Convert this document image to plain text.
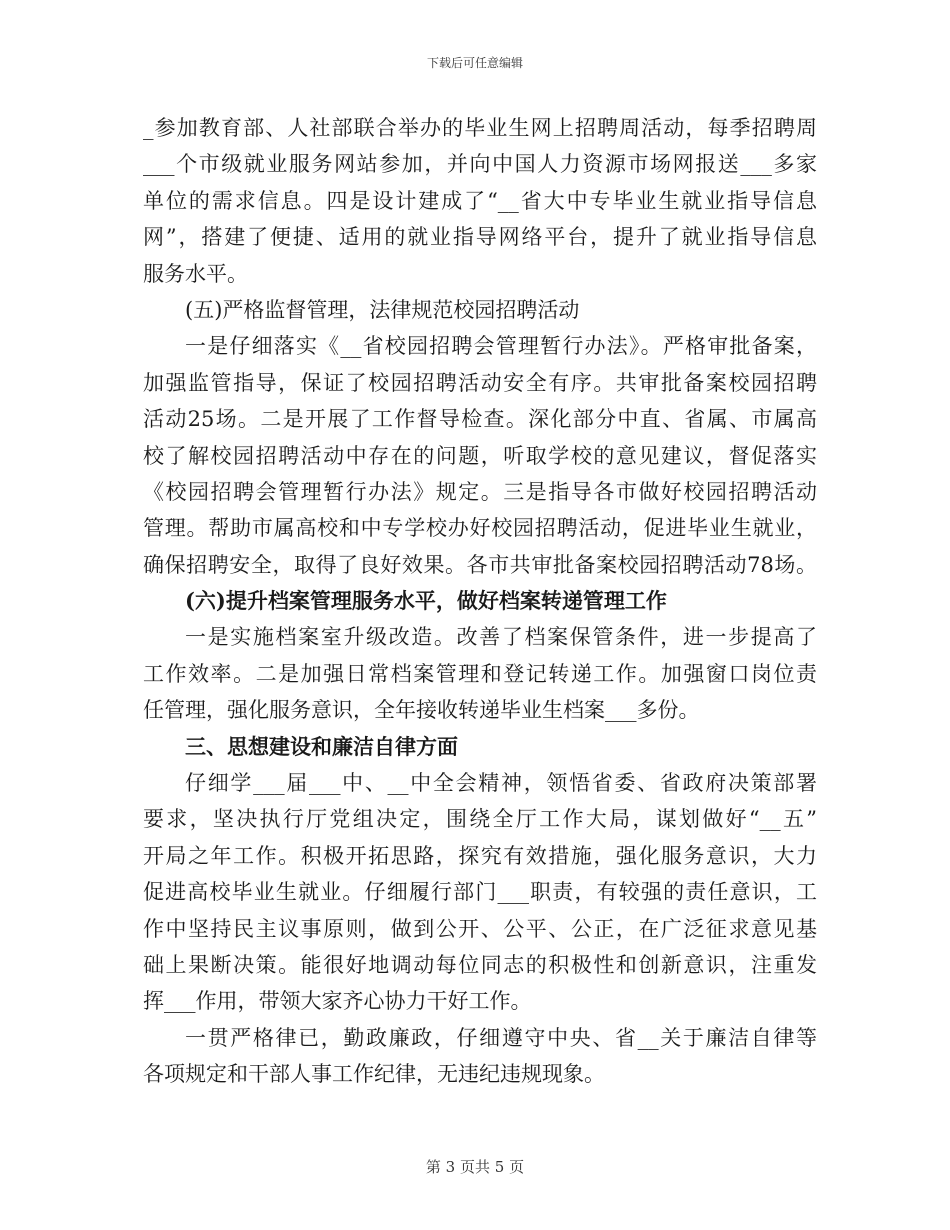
下载后可任意编辑
_参加教育部、人社部联合举办的毕业生网上招聘周活动，每季招聘周
___个市级就业服务网站参加，并向中国人力资源市场网报送___多家
单位的需求信息。四是设计建成了“__省大中专毕业生就业指导信息
网”，搭建了便捷、适用的就业指导网络平台，提升了就业指导信息
服务水平。
(五)严格监督管理，法律规范校园招聘活动
一是仔细落实《__省校园招聘会管理暂行办法》。严格审批备案，
加强监管指导，保证了校园招聘活动安全有序。共审批备案校园招聘
活动25场。二是开展了工作督导检查。深化部分中直、省属、市属高
校了解校园招聘活动中存在的问题，听取学校的意见建议，督促落实
《校园招聘会管理暂行办法》规定。三是指导各市做好校园招聘活动
管理。帮助市属高校和中专学校办好校园招聘活动，促进毕业生就业，
确保招聘安全，取得了良好效果。各市共审批备案校园招聘活动78场。
(六)提升档案管理服务水平，做好档案转递管理工作
一是实施档案室升级改造。改善了档案保管条件，进一步提高了
工作效率。二是加强日常档案管理和登记转递工作。加强窗口岗位责
任管理，强化服务意识，全年接收转递毕业生档案___多份。
三、思想建设和廉洁自律方面
仔细学___届___中、__中全会精神，领悟省委、省政府决策部署
要求，坚决执行厅党组决定，围绕全厅工作大局，谋划做好“__五”
开局之年工作。积极开拓思路，探究有效措施，强化服务意识，大力
促进高校毕业生就业。仔细履行部门___职责，有较强的责任意识，工
作中坚持民主议事原则，做到公开、公平、公正，在广泛征求意见基
础上果断决策。能很好地调动每位同志的积极性和创新意识，注重发
挥___作用，带领大家齐心协力干好工作。
一贯严格律已，勤政廉政，仔细遵守中央、省__关于廉洁自律等
各项规定和干部人事工作纪律，无违纪违规现象。
第 3 页共 5 页
